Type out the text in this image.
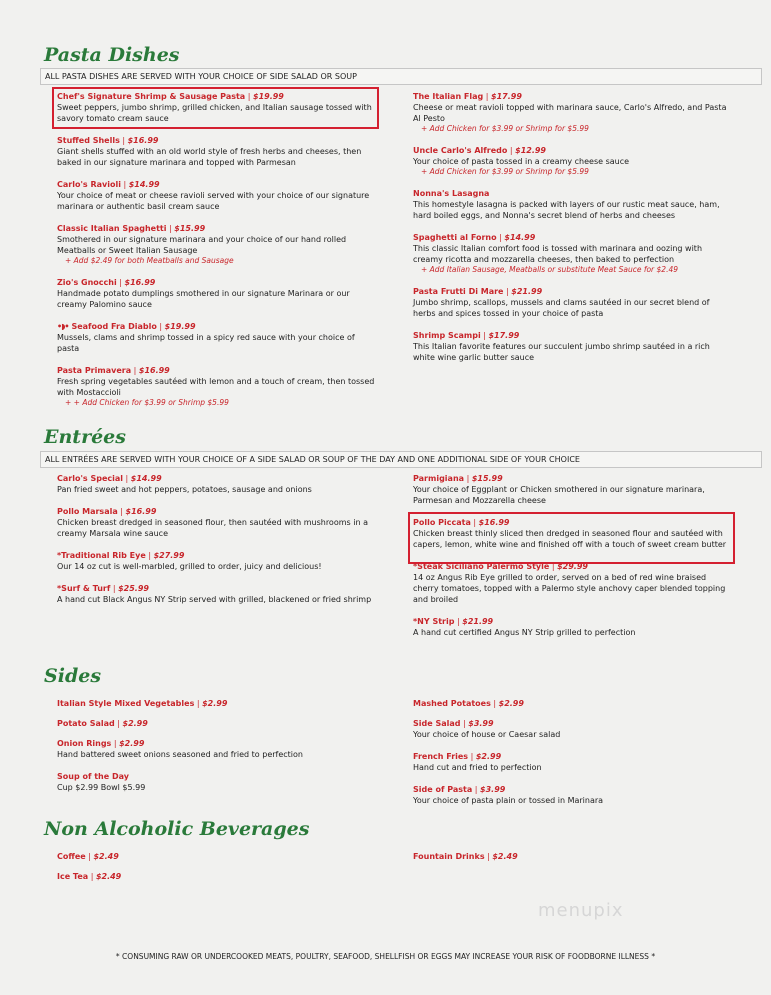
Pasta Dishes
ALL PASTA DISHES ARE SERVED WITH YOUR CHOICE OF SIDE SALAD OR SOUP
Chef's Signature Shrimp & Sausage Pasta | $19.99
Sweet peppers, jumbo shrimp, grilled chicken, and Italian sausage tossed with savory tomato cream sauce
Stuffed Shells | $16.99
Giant shells stuffed with an old world style of fresh herbs and cheeses, then baked in our signature marinara and topped with Parmesan
Carlo's Ravioli | $14.99
Your choice of meat or cheese ravioli served with your choice of our signature marinara or authentic basil cream sauce
Classic Italian Spaghetti | $15.99
Smothered in our signature marinara and your choice of our hand rolled Meatballs or Sweet Italian Sausage
+ Add $2.49 for both Meatballs and Sausage
Zio's Gnocchi | $16.99
Handmade potato dumplings smothered in our signature Marinara or our creamy Palomino sauce
•◗• Seafood Fra Diablo | $19.99
Mussels, clams and shrimp tossed in a spicy red sauce with your choice of pasta
Pasta Primavera | $16.99
Fresh spring vegetables sautéed with lemon and a touch of cream, then tossed with Mostaccioli
+ + Add Chicken for $3.99 or Shrimp $5.99
The Italian Flag | $17.99
Cheese or meat ravioli topped with marinara sauce, Carlo's Alfredo, and Pasta Al Pesto
+ Add Chicken for $3.99 or Shrimp for $5.99
Uncle Carlo's Alfredo | $12.99
Your choice of pasta tossed in a creamy cheese sauce
+ Add Chicken for $3.99 or Shrimp for $5.99
Nonna's Lasagna
This homestyle lasagna is packed with layers of our rustic meat sauce, ham, hard boiled eggs, and Nonna's secret blend of herbs and cheeses
Spaghetti al Forno | $14.99
This classic Italian comfort food is tossed with marinara and oozing with creamy ricotta and mozzarella cheeses, then baked to perfection
+ Add Italian Sausage, Meatballs or substitute Meat Sauce for $2.49
Pasta Frutti Di Mare | $21.99
Jumbo shrimp, scallops, mussels and clams sautéed in our secret blend of herbs and spices tossed in your choice of pasta
Shrimp Scampi | $17.99
This Italian favorite features our succulent jumbo shrimp sautéed in a rich white wine garlic butter sauce
Entrées
ALL ENTRÉES ARE SERVED WITH YOUR CHOICE OF A SIDE SALAD OR SOUP OF THE DAY AND ONE ADDITIONAL SIDE OF YOUR CHOICE
Carlo's Special | $14.99
Pan fried sweet and hot peppers, potatoes, sausage and onions
Pollo Marsala | $16.99
Chicken breast dredged in seasoned flour, then sautéed with mushrooms in a creamy Marsala wine sauce
*Traditional Rib Eye | $27.99
Our 14 oz cut is well-marbled, grilled to order, juicy and delicious!
*Surf & Turf | $25.99
A hand cut Black Angus NY Strip served with grilled, blackened or fried shrimp
Parmigiana | $15.99
Your choice of Eggplant or Chicken smothered in our signature marinara, Parmesan and Mozzarella cheese
Pollo Piccata | $16.99
Chicken breast thinly sliced then dredged in seasoned flour and sautéed with capers, lemon, white wine and finished off with a touch of sweet cream butter
*Steak Siciliano Palermo Style | $29.99
14 oz Angus Rib Eye grilled to order, served on a bed of red wine braised cherry tomatoes, topped with a Palermo style anchovy caper blended topping and broiled
*NY Strip | $21.99
A hand cut certified Angus NY Strip grilled to perfection
Sides
Italian Style Mixed Vegetables | $2.99
Potato Salad | $2.99
Onion Rings | $2.99
Hand battered sweet onions seasoned and fried to perfection
Soup of the Day
Cup $2.99 Bowl $5.99
Mashed Potatoes | $2.99
Side Salad | $3.99
Your choice of house or Caesar salad
French Fries | $2.99
Hand cut and fried to perfection
Side of Pasta | $3.99
Your choice of pasta plain or tossed in Marinara
Non Alcoholic Beverages
Coffee | $2.49
Ice Tea | $2.49
Fountain Drinks | $2.49
menupix
* CONSUMING RAW OR UNDERCOOKED MEATS, POULTRY, SEAFOOD, SHELLFISH OR EGGS MAY INCREASE YOUR RISK OF FOODBORNE ILLNESS *
